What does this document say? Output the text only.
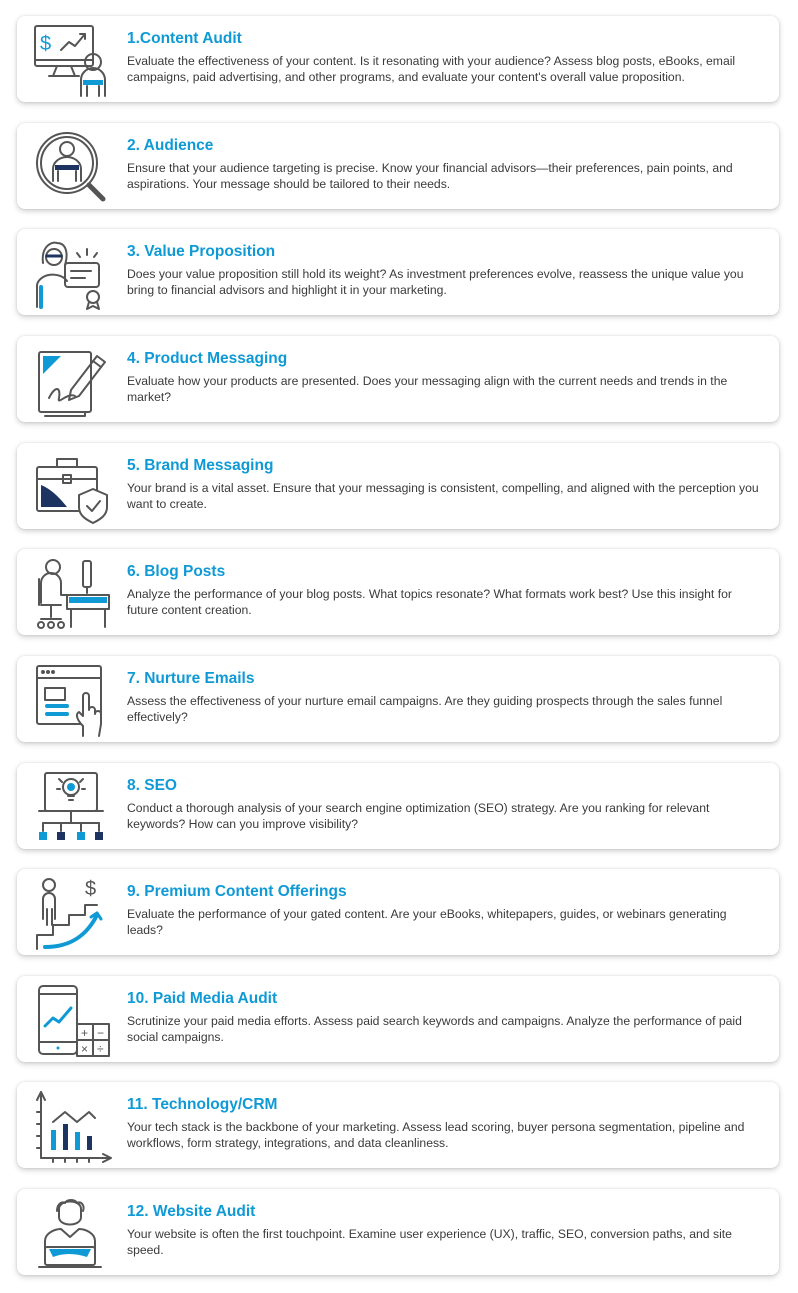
$	1.Content Audit
Evaluate the effectiveness of your content. Is it resonating with your audience? Assess blog posts, eBooks, email campaigns, paid advertising, and other programs, and evaluate your content's overall value proposition.
2. Audience
Ensure that your audience targeting is precise. Know your financial advisors—their preferences, pain points, and aspirations. Your message should be tailored to their needs.
3. Value Proposition
Does your value proposition still hold its weight? As investment preferences evolve, reassess the unique value you bring to financial advisors and highlight it in your marketing.
4. Product Messaging
Evaluate how your products are presented. Does your messaging align with the current needs and trends in the market?
5. Brand Messaging
Your brand is a vital asset. Ensure that your messaging is consistent, compelling, and aligned with the perception you want to create.
6. Blog Posts
Analyze the performance of your blog posts. What topics resonate? What formats work best? Use this insight for future content creation.
7. Nurture Emails
Assess the effectiveness of your nurture email campaigns. Are they guiding prospects through the sales funnel effectively?
8. SEO
Conduct a thorough analysis of your search engine optimization (SEO) strategy. Are you ranking for relevant keywords? How can you improve visibility?
$ 9. Premium Content Offerings
Evaluate the performance of your gated content. Are your eBooks, whitepapers, guides, or webinars generating leads?
+ −
× ÷
10. Paid Media Audit
Scrutinize your paid media efforts. Assess paid search keywords and campaigns. Analyze the performance of paid social campaigns.
11. Technology/CRM
Your tech stack is the backbone of your marketing. Assess lead scoring, buyer persona segmentation, pipeline and workflows, form strategy, integrations, and data cleanliness.
12. Website Audit
Your website is often the first touchpoint. Examine user experience (UX), traffic, SEO, conversion paths, and site speed.
